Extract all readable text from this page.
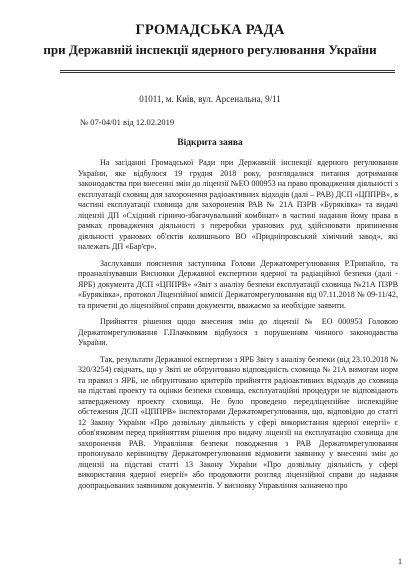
ГРОМАДСЬКА РАДА
при Державній інспекції ядерного регулювання України
01011, м. Київ, вул. Арсенальна, 9/11
№ 07-04/01 від 12.02.2019
Відкрита заява

На засіданні Громадської Ради при Державній інспекції ядерного регулювання України, яке відбулося 19 грудня 2018 року, розглядалися питання дотримання законодавства при внесенні змін до ліцензії №ЕО 000953 на право провадження діяльності з експлуатації сховищ для захоронення радіоактивних відходів (далі – РАВ) ДСП «ЦППРВ», в частині експлуатації сховища для захоронення РАВ № 21А ПЗРВ «Буряківка» та видачі ліцензії ДП «Східний гірничо-збагачувальний комбінат» в частині надання йому права в рамках провадження діяльності з переробки уранових руд здійснювати припинення діяльності уранових об'єктів колишнього ВО «Придніпровський хімічний завод», які належать ДП «Бар'єр».

Заслухавши пояснення заступника Голови Держатомрегулювання Р.Трипайло, та проаналізувавши Висновки Державної експертизи ядерної та радіаційної безпеки (далі - ЯРБ) документа ДСП «ЦППРВ» «Звіт з аналізу безпеки експлуатації сховища №21А ПЗРВ «Буряківка», протокол Ліцензійної комісії Держатомрегулювання від 07.11.2018 № 09-11/42, та причетні до ліцензійної справи документи, вважаємо за необхідне заявити.

Прийняття рішення щодо внесення змін до ліцензії № ЕО 000953 Головою Держатомрегулювання Г.Плачковим відбулося з порушенням чинного законодавства України.

Так, результати Державної експертизи з ЯРБ Звіту з аналізу безпеки (від 23.10.2018 № 320/3254) свідчать, що у Звіті не обґрунтовано відповідність сховища № 21А вимогам норм та правил з ЯРБ, не обґрунтовано критеріїв прийняття радіоактивних відходів до сховища на підставі проекту та оцінки безпеки сховища, експлуатаційні процедури не відповідають затвердженому проекту сховища. Не було проведено передліцензійне інспекційне обстеження ДСП «ЦППРВ» інспекторами Держатомрегулювання, що, відповідно до статті 12 Закону України «Про дозвільну діяльність у сфері використання ядерної енергії» є обов'язковим перед прийняттям рішення про видачу ліцензії на експлуатацію сховища для захоронення РАВ. Управління безпеки поводження з РАВ Держатомрегулювання пропонувало керівництву Держатомрегулювання відмовити заявнику у внесенні змін до ліцензії на підставі статті 13 Закону України «Про дозвільну діяльність у сфері використання ядерної енергії» або продовжити розгляд ліцензійної справи до надання доопрацьованих заявником документів. У висновку Управління зазначено про

1
